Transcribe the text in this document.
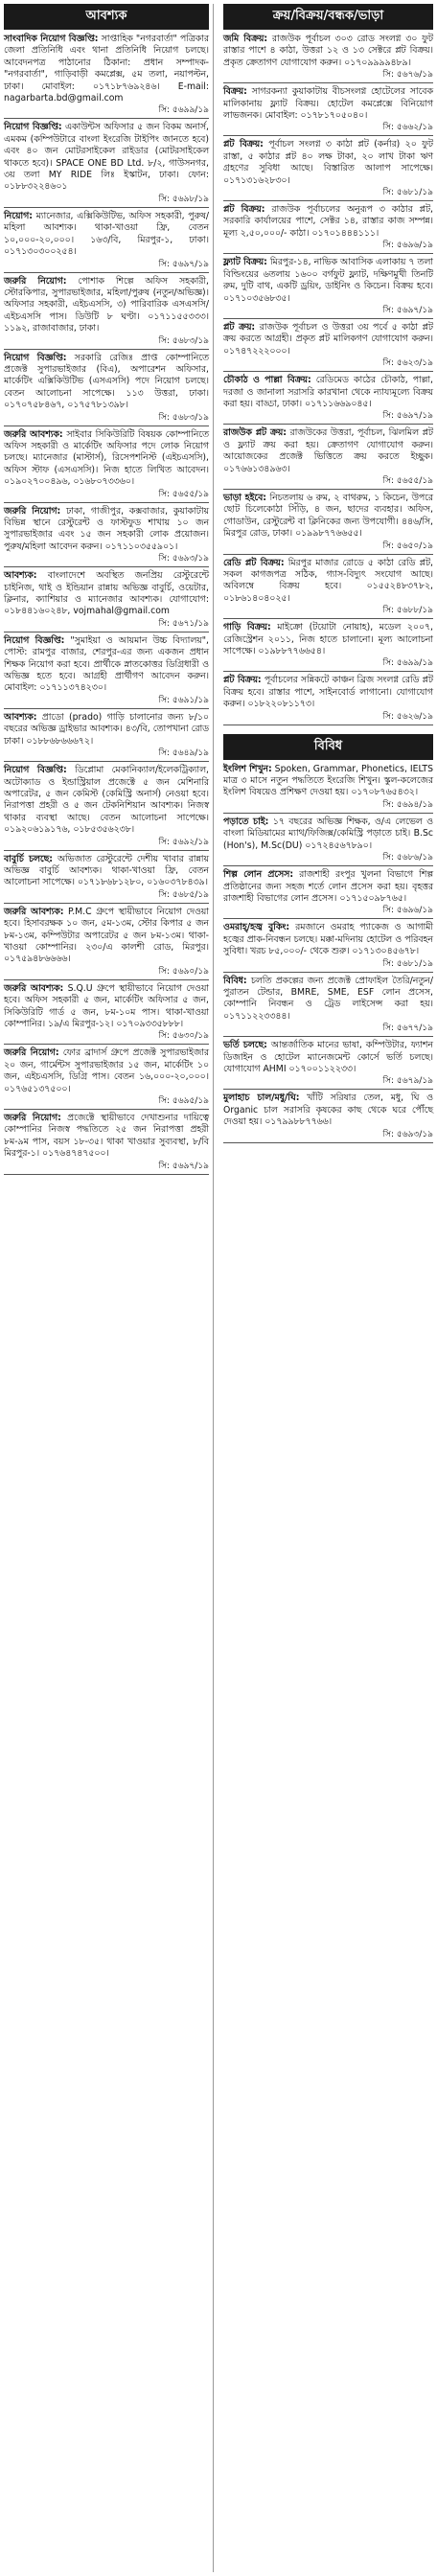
আবশ্যক
সাংবাদিক নিয়োগ বিজ্ঞপ্তি: সাপ্তাহিক "নগরবার্তা" পত্রিকার জেলা প্রতিনিধি এবং থানা প্রতিনিধি নিয়োগ চলছে। আবেদনপত্র পাঠানোর ঠিকানা: প্রধান সম্পাদক-"নগরবার্তা", গাড়িবাড়ী কমপ্লেক্স, ৫ম তলা, নয়াপল্টন, ঢাকা। মোবাইল: ০১৭১৮৭৬৯২৪৬। E-mail: nagarbarta.bd@gmail.com
সি: ৫৬৯৯/১৯
নিয়োগ বিজ্ঞপ্তি: একাউন্টস অফিসার ৫ জন বিকম অনার্স, এমকম (কম্পিউটারে বাংলা ইংরেজি টাইপিং জানতে হবে) এবং ৪০ জন মোটরসাইকেল রাইডার (মোটরসাইকেল থাকতে হবে)। SPACE ONE BD Ltd. ৮/২, গাউসনগর, ৩য় তলা MY RIDE লিঃ ইস্কাটন, ঢাকা। ফোন: ০১৮৮৩২২৪৬০১
সি: ৫৬৯৮/১৯
নিয়োগ: ম্যানেজার, এক্সিকিউটিভ, অফিস সহকারী, পুরুষ/মহিলা আবশ্যক। থাকা-খাওয়া ফ্রি, বেতন ১০,০০০-২০,০০০। ১৬৩/বি, মিরপুর-১, ঢাকা। ০১৭১৩০৩০০২৫৪।
সি: ৫৬৯৭/১৯
জরুরি নিয়োগ: পোশাক শিল্পে অফিস সহকারী, স্টোরকিপার, সুপারভাইজার, মহিলা/পুরুষ (নতুন/অভিজ্ঞ)। অফিসার সহকারী, এইচএসসি, ৩) পারিবারিক এসএসসি/এইচএসসি পাস। ডিউটি ৮ ঘণ্টা। ০১৭১১৫৫৩৩৩। ১১৯২, রাজাবাজার, ঢাকা।
সি: ৫৬৮৩/১৯
নিয়োগ বিজ্ঞপ্তি: সরকারি রেজিঃ প্রাপ্ত কোম্পানিতে প্রজেক্ট সুপারভাইজার (বিএ), অপারেশন অফিসার, মার্কেটিং এক্সিকিউটিভ (এসএসসি) পদে নিয়োগ চলছে। বেতন আলোচনা সাপেক্ষে। ১১৩ উত্তরা, ঢাকা। ০১৭০৭৫৮৪৬৭, ০১৭৫৭৮১৩৯৮।
সি: ৫৬৮৩/১৯
জরুরি আবশ্যক: সাইবার সিকিউরিটি বিষয়ক কোম্পানিতে অফিস সহকারী ও মার্কেটিং অফিসার পদে লোক নিয়োগ চলছে। ম্যানেজার (মাস্টার্স), রিসেপশনিস্ট (এইচএসসি), অফিস স্টাফ (এসএসসি)। নিজ হাতে লিখিত আবেদন। ০১৯০২৭০০৪৯৬, ০১৬৮০৭৩৩৬০।
সি: ৫৬৫৫/১৯
জরুরি নিয়োগ: ঢাকা, গাজীপুর, কক্সবাজার, কুয়াকাটায় বিভিন্ন স্থানে রেস্টুরেন্ট ও ফাস্টফুড শাখায় ১০ জন সুপারভাইজার এবং ১৫ জন সহকারী লোক প্রয়োজন। পুরুষ/মহিলা আবেদন করুন। ০১৭১১০৩৫৫৯০১।
সি: ৫৬৯৩/১৯
আবশ্যক: বাংলাদেশে অবস্থিত জনপ্রিয় রেস্টুরেন্টে চাইনিজ, থাই ও ইন্ডিয়ান রান্নায় অভিজ্ঞ বাবুর্চি, ওয়েটার, ক্লিনার, ক্যাশিয়ার ও ম্যানেজার আবশ্যক। যোগাযোগ: ০১৮৪৪১৬০২৪৮, vojmahal@gmail.com
সি: ৫৬৭১/১৯
নিয়োগ বিজ্ঞপ্তি: "সুমাইয়া ও আয়মান উচ্চ বিদ্যালয়", পোস্ট: রামপুর বাজার, শেরপুর-এর জন্য একজন প্রধান শিক্ষক নিয়োগ করা হবে। প্রার্থীকে স্নাতকোত্তর ডিগ্রিধারী ও অভিজ্ঞ হতে হবে। আগ্রহী প্রার্থীগণ আবেদন করুন। মোবাইল: ০১৭১১৩৭৪২৩০।
সি: ৫৬৯১/১৯
আবশ্যক: প্রাডো (prado) গাড়ি চালানোর জন্য ৮/১০ বছরের অভিজ্ঞ ড্রাইভার আবশ্যক। ৪৩/বি, তোপখানা রোড ঢাকা। ০১৮৮৬৮৬৬৬৭২।
সি: ৫৬৪৯/১৯
নিয়োগ বিজ্ঞপ্তি: ডিপ্লোমা মেকানিক্যাল/ইলেকট্রিক্যাল, অটোক্যাড ও ইন্ডাস্ট্রিয়াল প্রজেক্টে ৫ জন মেশিনারি অপারেটর, ৫ জন কেমিস্ট (কেমিস্ট্রি অনার্স) নেওয়া হবে। নিরাপত্তা প্রহরী ও ৫ জন টেকনিশিয়ান আবশ্যক। নিজস্ব থাকার ব্যবস্থা আছে। বেতন আলোচনা সাপেক্ষে। ০১৯২০৬১৯১৭৬, ০১৮৫৩৫৬২৩৮।
সি: ৫৬৯২/১৯
বাবুর্চি চলছে: অভিজাত রেস্টুরেন্টে দেশীয় খাবার রান্নায় অভিজ্ঞ বাবুর্চি আবশ্যক। থাকা-খাওয়া ফ্রি, বেতন আলোচনা সাপেক্ষে। ০১৭১৮৬৮১২৮০, ০১৬০৩৭৮৪৩৯।
সি: ৫৬৮৫/১৯
জরুরি আবশ্যক: P.M.C গ্রুপে স্থায়ীভাবে নিয়োগ দেওয়া হবে। হিসাবরক্ষক ১০ জন, ৫ম-১৩ম, স্টোর কিপার ৫ জন ৮ম-১৩ম, কম্পিউটার অপারেটর ৫ জন ৮ম-১৩ম। থাকা-খাওয়া কোম্পানির। ২৩০/এ কালশী রোড, মিরপুর। ০১৭৫৯৪৮৬৬৬৬।
সি: ৫৬৯০/১৯
জরুরি আবশ্যক: S.Q.U গ্রুপে স্থায়ীভাবে নিয়োগ দেওয়া হবে। অফিস সহকারী ৫ জন, মার্কেটিং অফিসার ৫ জন, সিকিউরিটি গার্ড ৫ জন, ৮ম-১০ম পাস। থাকা-খাওয়া কোম্পানির। ১৯/এ মিরপুর-১২। ০১৭০৯৩৩৫৮৮৮।
সি: ৫৬৩০/১৯
জরুরি নিয়োগ: ফোর ব্রাদার্স গ্রুপে প্রজেক্ট সুপারভাইজার ২০ জন, গার্মেন্টস সুপারভাইজার ১৫ জন, মার্কেটিং ১০ জন, এইচএসসি, ডিগ্রি পাস। বেতন ১৬,০০০-২০,০০০। ০১৭৬৫১৩৭৫০০।
সি: ৫৬৯৫/১৯
জরুরি নিয়োগ: প্রজেক্টে স্থায়ীভাবে দেখাশুনার দায়িত্বে কোম্পানির নিজস্ব পদ্ধতিতে ২৫ জন নিরাপত্তা প্রহরী ৮ম-৯ম পাস, বয়স ১৮-৩৫। থাকা খাওয়ার সুব্যবস্থা, ৮/বি মিরপুর-১। ০১৭৬৪৭৪৭৫০০।
সি: ৫৬৯৭/১৯
ক্রয়/বিক্রয়/বন্ধক/ভাড়া
জমি বিক্রয়: রাজউক পূর্বাচল ৩০৩ রোড সংলগ্ন ৩০ ফুট রাস্তার পাশে ৪ কাঠা, উত্তরা ১২ ও ১৩ সেক্টরে প্লট বিক্রয়। প্রকৃত ক্রেতাগণ যোগাযোগ করুন। ০১৭০৯৯৯৯৪৮৯।
সি: ৫৬৭৬/১৯
বিক্রয়: সাগরকন্যা কুয়াকাটায় বীচসংলগ্ন হোটেলের সাবেক মালিকানায় ফ্ল্যাট বিক্রয়। হোটেল কমপ্লেক্সে বিনিয়োগ লাভজনক। মোবাইল: ০১৭৮১৭০৫০৪০।
সি: ৫৬৬২/১৯
প্লট বিক্রয়: পূর্বাচল সংলগ্ন ৩ কাঠা প্লট (কর্নার) ২০ ফুট রাস্তা, ৫ কাঠার প্লট ৪০ লক্ষ টাকা, ২০ লাখ টাকা ঋণ গ্রহণের সুবিধা আছে। বিস্তারিত আলাপ সাপেক্ষে। ০১৭১৩১৬২৮৩০।
সি: ৫৬৮১/১৯
প্লট বিক্রয়: রাজউক পূর্বাচলের অনুরূপ ৩ কাঠার প্লট, সরকারি কার্যালয়ের পাশে, সেক্টর ১৪, রাস্তার কাজ সম্পন্ন। মূল্য ২,৫০,০০০/- কাঠা। ০১৭০১৪৪৪১১১।
সি: ৫৬৯৬/১৯
ফ্ল্যাট বিক্রয়: মিরপুর-১৪, নাভিক আবাসিক এলাকায় ৭ তলা বিল্ডিংয়ের ৬তলায় ১৬০০ বর্গফুট ফ্ল্যাট, দক্ষিণমুখী তিনটি রুম, দুটি বাথ, একটি ড্রয়িং, ডাইনিং ও কিচেন। বিক্রয় হবে। ০১৭১০৩৫৬৮৩৫।
সি: ৫৬৯৭/১৯
প্লট ক্রয়: রাজউক পূর্বাচল ও উত্তরা ৩য় পর্বে ৫ কাঠা প্লট ক্রয় করতে আগ্রহী। প্রকৃত প্লট মালিকগণ যোগাযোগ করুন। ০১৭৪৭২২২০০০।
সি: ৫৬২৩/১৯
চৌকাঠ ও পাল্লা বিক্রয়: রেডিমেড কাঠের চৌকাঠ, পাল্লা, দরজা ও জানালা সরাসরি কারখানা থেকে ন্যায্যমূল্যে বিক্রয় করা হয়। বাড্ডা, ঢাকা। ০১৭১১৬৬৯০৪৫।
সি: ৫৬৯৭/১৯
রাজউক প্লট ক্রয়: রাজউকের উত্তরা, পূর্বাচল, ঝিলমিল প্লট ও ফ্ল্যাট ক্রয় করা হয়। ক্রেতাগণ যোগাযোগ করুন। আয়োজকের প্রজেক্ট ভিত্তিতে ক্রয় করতে ইচ্ছুক। ০১৭৬৬১৩৪৯৬৩।
সি: ৫৬৫৫/১৯
ভাড়া হইবে: নিচতলায় ৬ রুম, ২ বাথরুম, ১ কিচেন, উপরে ছোট চিলেকোঠা সিঁড়ি, ৪ জন, ছাদের ব্যবহার। অফিস, গোডাউন, রেস্টুরেন্ট বা ক্লিনিকের জন্য উপযোগী। ৪৪৬/সি, মিরপুর রোড, ঢাকা। ০১৯৯৮৭৭৬৬৫৫।
সি: ৫৬৫০/১৯
রেডি প্লট বিক্রয়: মিরপুর মাজার রোডে ৫ কাঠা রেডি প্লট, সকল কাগজপত্র সঠিক, গ্যাস-বিদ্যুৎ সংযোগ আছে। অবিলম্বে বিক্রয় হবে। ০১৫৫২৪৮৩৭৮২, ০১৮৬১৪০৪০২৫।
সি: ৫৬৮৮/১৯
গাড়ি বিক্রয়: মাইক্রো (টয়োটা নোয়াহ), মডেল ২০০৭, রেজিস্ট্রেশন ২০১১, নিজ হাতে চালানো। মূল্য আলোচনা সাপেক্ষে। ০১৯৮৮৭৭৬৬৫৪।
সি: ৫৬৯৯/১৯
প্লট বিক্রয়: পূর্বাচলের সন্নিকটে কাঞ্চন ব্রিজ সংলগ্ন রেডি প্লট বিক্রয় হবে। রাস্তার পাশে, সাইনবোর্ড লাগানো। যোগাযোগ করুন। ০১৮২২০৮১১৭৩।
সি: ৫৬২৬/১৯
বিবিধ
ইংলিশ শিখুন: Spoken, Grammar, Phonetics, IELTS মাত্র ৩ মাসে নতুন পদ্ধতিতে ইংরেজি শিখুন। স্কুল-কলেজের ইংলিশ বিষয়েও প্রশিক্ষণ দেওয়া হয়। ০১৭০৮৭৬৫৪৩২।
সি: ৫৬৯৪/১৯
পড়াতে চাই: ১৭ বছরের অভিজ্ঞ শিক্ষক, ও/এ লেভেল ও বাংলা মিডিয়ামের ম্যাথ/ফিজিক্স/কেমিস্ট্রি পড়াতে চাই। B.Sc (Hon's), M.Sc(DU) ০১৭২৪৫৬৭৮৯০।
সি: ৫৬৮৬/১৯
শিল্প লোন প্রসেস: রাজশাহী রংপুর খুলনা বিভাগে শিল্প প্রতিষ্ঠানের জন্য সহজ শর্তে লোন প্রসেস করা হয়। বৃহত্তর রাজশাহী বিভাগের লোন প্রসেস। ০১৭১৫০৯৮৭৬৫।
সি: ৫৬৯৬/১৯
ওমরাহ্/হজ্ব বুকিং: রমজানে ওমরাহ প্যাকেজ ও আগামী হজ্বের প্রাক-নিবন্ধন চলছে। মক্কা-মদিনায় হোটেল ও পরিবহন সুবিধা। খরচ ৮৫,০০০/- থেকে শুরু। ০১৭১৩০৪৫৬৭৮।
সি: ৫৬৮১/১৯
বিবিধ: চলতি প্রকল্পের জন্য প্রজেক্ট প্রোফাইল তৈরি/নতুন/পুরাতন টেন্ডার, BMRE, SME, ESF লোন প্রসেস, কোম্পানি নিবন্ধন ও ট্রেড লাইসেন্স করা হয়। ০১৭১১২২৩৩৪৪।
সি: ৫৬৭৭/১৯
ভর্তি চলছে: আন্তর্জাতিক মানের ভাষা, কম্পিউটার, ফ্যাশন ডিজাইন ও হোটেল ম্যানেজমেন্ট কোর্সে ভর্তি চলছে। যোগাযোগ AHMI ০১৭০০১১২২৩৩।
সি: ৫৬৭৯/১৯
মুলাহাচ চাল/মধু/ঘি: খাঁটি সরিষার তেল, মধু, ঘি ও Organic চাল সরাসরি কৃষকের কাছ থেকে ঘরে পৌঁছে দেওয়া হয়। ০১৭৯৯৮৮৭৭৬৬।
সি: ৫৬৯৩/১৯
